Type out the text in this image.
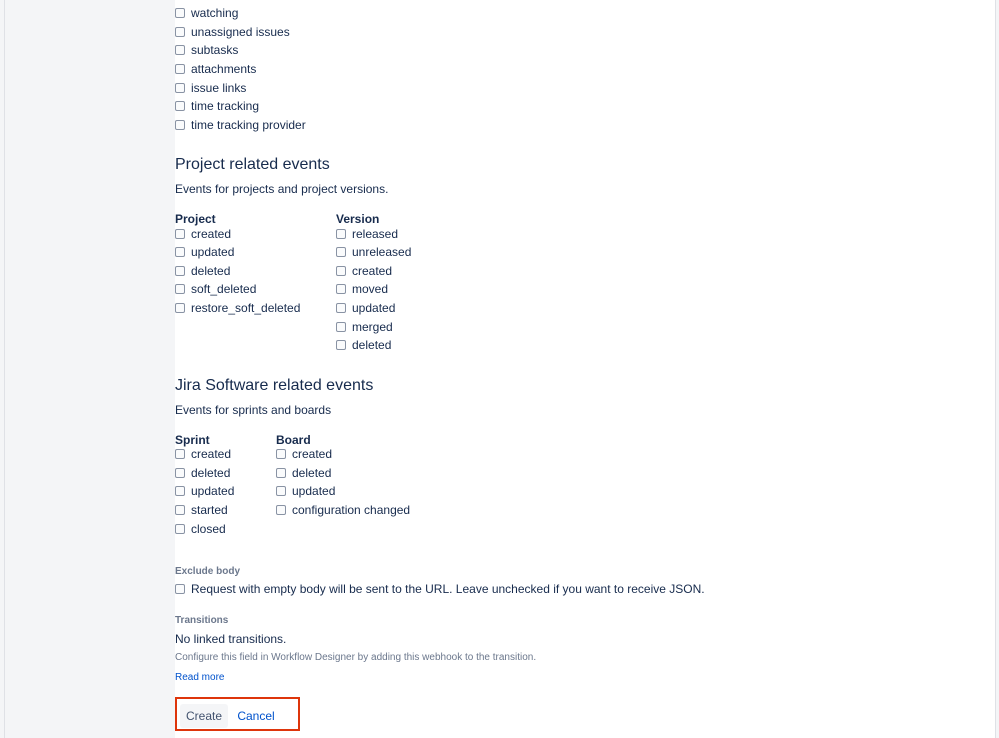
watching
unassigned issues
subtasks
attachments
issue links
time tracking
time tracking provider
Project related events
Events for projects and project versions.
Project
created
updated
deleted
soft_deleted
restore_soft_deleted
Version
released
unreleased
created
moved
updated
merged
deleted
Jira Software related events
Events for sprints and boards
Sprint
created
deleted
updated
started
closed
Board
created
deleted
updated
configuration changed
Exclude body
Request with empty body will be sent to the URL. Leave unchecked if you want to receive JSON.
Transitions
No linked transitions.
Configure this field in Workflow Designer by adding this webhook to the transition.
Read more
Create	Cancel
